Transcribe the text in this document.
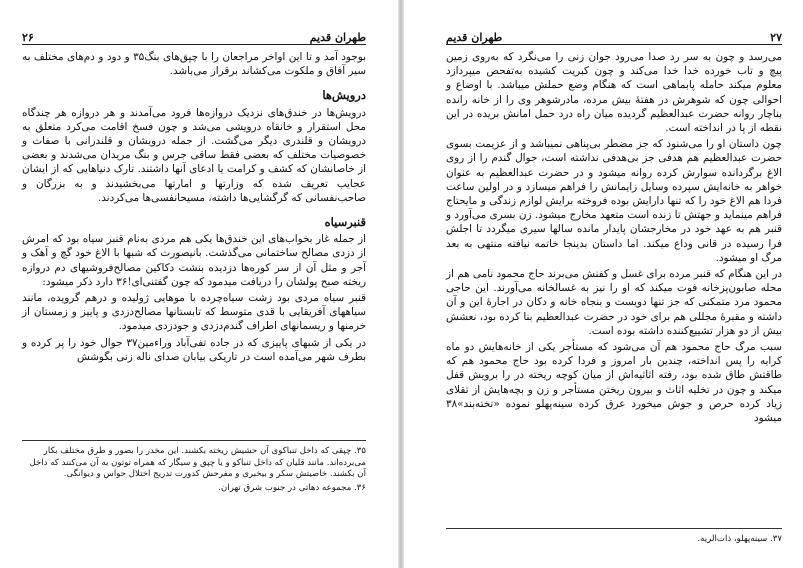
۲۶	طهران قدیم

بوجود آمد و تا این اواخر مراجعان را با چپق‌های بنگ۳۵ و دود و دم‌های مختلف به سیر آفاق و ملکوت می‌کشاند برقرار می‌باشد.

درویش‌ها

درویش‌ها در خندق‌های نزدیک دروازه‌ها فرود می‌آمدند و هر دروازه هر چندگاه محل استقرار و خانقاه درویشی می‌شد و چون فسخ اقامت می‌کرد متعلق به درویشان و قلندری دیگر می‌گشت. از جمله درویشان و قلندرانی با صفات و خصوصیات مختلف که بعضی فقط ساقی جرس و بنگ مریدان می‌شدند و بعضی از خاصانشان که کشف و کرامت یا ادعای آنها داشتند. تارک دنیاهایی که از ایشان عجایب تعریف شده که وزارتها و امارتها می‌بخشیدند و به بزرگان و صاحب‌نفسانی که گرگشایی‌ها داشته، مسیحانفسی‌ها می‌کردند.

قنبرسیاه

از جمله غار بخواب‌های این خندق‌ها یکی هم مردی به‌نام قنبر سیاه بود که امرش از دزدی مصالح ساختمانی می‌گذشت. بانیصورت که شبها با الاغ خود گچ و آهک و آجر و مثل آن از سر کوره‌ها دزدیده بنشت دکاکین مصالح‌فروشیهای دم دروازه ریخته صبح پولشان را دریافت میدمود که چون گفتنی‌ای!۳۶ دارد ذکر میشود:

قنبر سیاه مردی بود زشت سیاه‌چرده با موهایی ژولیده و درهم گرویده، مانند سیاههای آفریقایی با قدی متوسط که تابستانها مصالح‌دزدی و پاییز و زمستان از خرمنها و ریسمانهای اطراف گندم‌دزدی و جودزدی میدمود.

در یکی از شبهای پاییزی که در جاده تفی‌آباد وراءمین۳۷ جوال خود را پر کرده و بطرف شهر می‌آمده است در تاریکی بیابان صدای ناله زنی بگوشش

۳۵. چپقی که داخل تنباکوی آن حشیش ریخته بکشند. این مخدر را بصور و طرق مختلف بکار می‌برده‌اند. مانند قلیان که داخل تنباکو و یا چپق و سیگار که همراه توتون به آن می‌کنند که داخل آن بکشند. خاصیتش سکر و بیخبری و مفرحش کدورت تدریج اختلال حواس و دیوانگی.

۳۶. مجموعه دهاتی در جنوب شرق تهران.

طهران قدیم	۲۷

می‌رسد و چون به سر رد صدا می‌رود جوان زنی را می‌نگرد که به‌روی زمین پیچ و تاب خورده خدا خدا می‌کند و چون کبریت کشیده به‌تفحص میپردازد معلوم میکند حامله پابماهی است که هنگام وضع حملش میباشد. با اوضاع و احوالی چون که شوهرش در هفتهٔ بیش مرده، مادرشوهر وی را از خانه رانده بناچار روانه حضرت عبدالعظیم گردیده میان راه درد حمل امانش بریده در این نقطه از پا در انداخته است.

چون داستان او را می‌شنود که جز مضطر بی‌پناهی نمیباشد و از عزیمت بسوی حضرت عبدالعظیم هم هدفی جز بی‌هدفی نداشته است، جوال گندم را از روی الاغ برگردانده سوارش کرده روانه میشود و در حضرت عبدالعظیم به عنوان خواهر به خانه‌ایش سپرده وسایل زایمانش را فراهم میسازد و در اولین ساعت فردا هم الاغ خود را که تنها دارایش بوده فروخته برایش لوازم زندگی و مایحتاج فراهم مینماید و جهتش تا زنده است متعهد مخارج میشود. زن بسری می‌آورد و قنبر هم به عهد خود در مخارجشان پایدار مانده سالها سیری میگردد تا اجلش فرا رسیده در قانی وداع میکند. اما داستان بدینجا خاتمه نیافته منتهی به بعد مرگ او میشود.

در این هنگام که قنبر مرده برای غسل و کفنش می‌برند حاج محمود نامی هم از محله صابون‌پزخانه فوت میکند که او را نیز به غسالخانه می‌آورند. این حاجی محمود مرد متمکنی که جز تنها دویست و بنجاه خانه و دکان در اجارهٔ این و آن داشته و مقبرهٔ مجللی هم برای خود در حضرت عبدالعظیم بنا کرده بود، نعشش بیش از دو هزار تشییع‌کننده داشته بوده است.

سبب مرگ حاج محمود هم آن می‌شود که مستأجر یکی از خانه‌هایش دو ماه کرایه را پس انداخته، چندین بار امروز و فردا کرده بود حاج محمود هم که طاقتش طاق شده بود، رفته اثاثیه‌اش از میان کوچه ریخته در را برویش قفل میکند و چون در تخلیه اثاث و بیرون ریختن مستأجر و زن و بچه‌هایش از تقلای زیاد کرده حرص و جوش میخورد عرق کرده سینه‌پهلو نموده «تخته‌بند»۳۸ میشود

۳۷. سینه‌پهلو، ذات‌الریه.
